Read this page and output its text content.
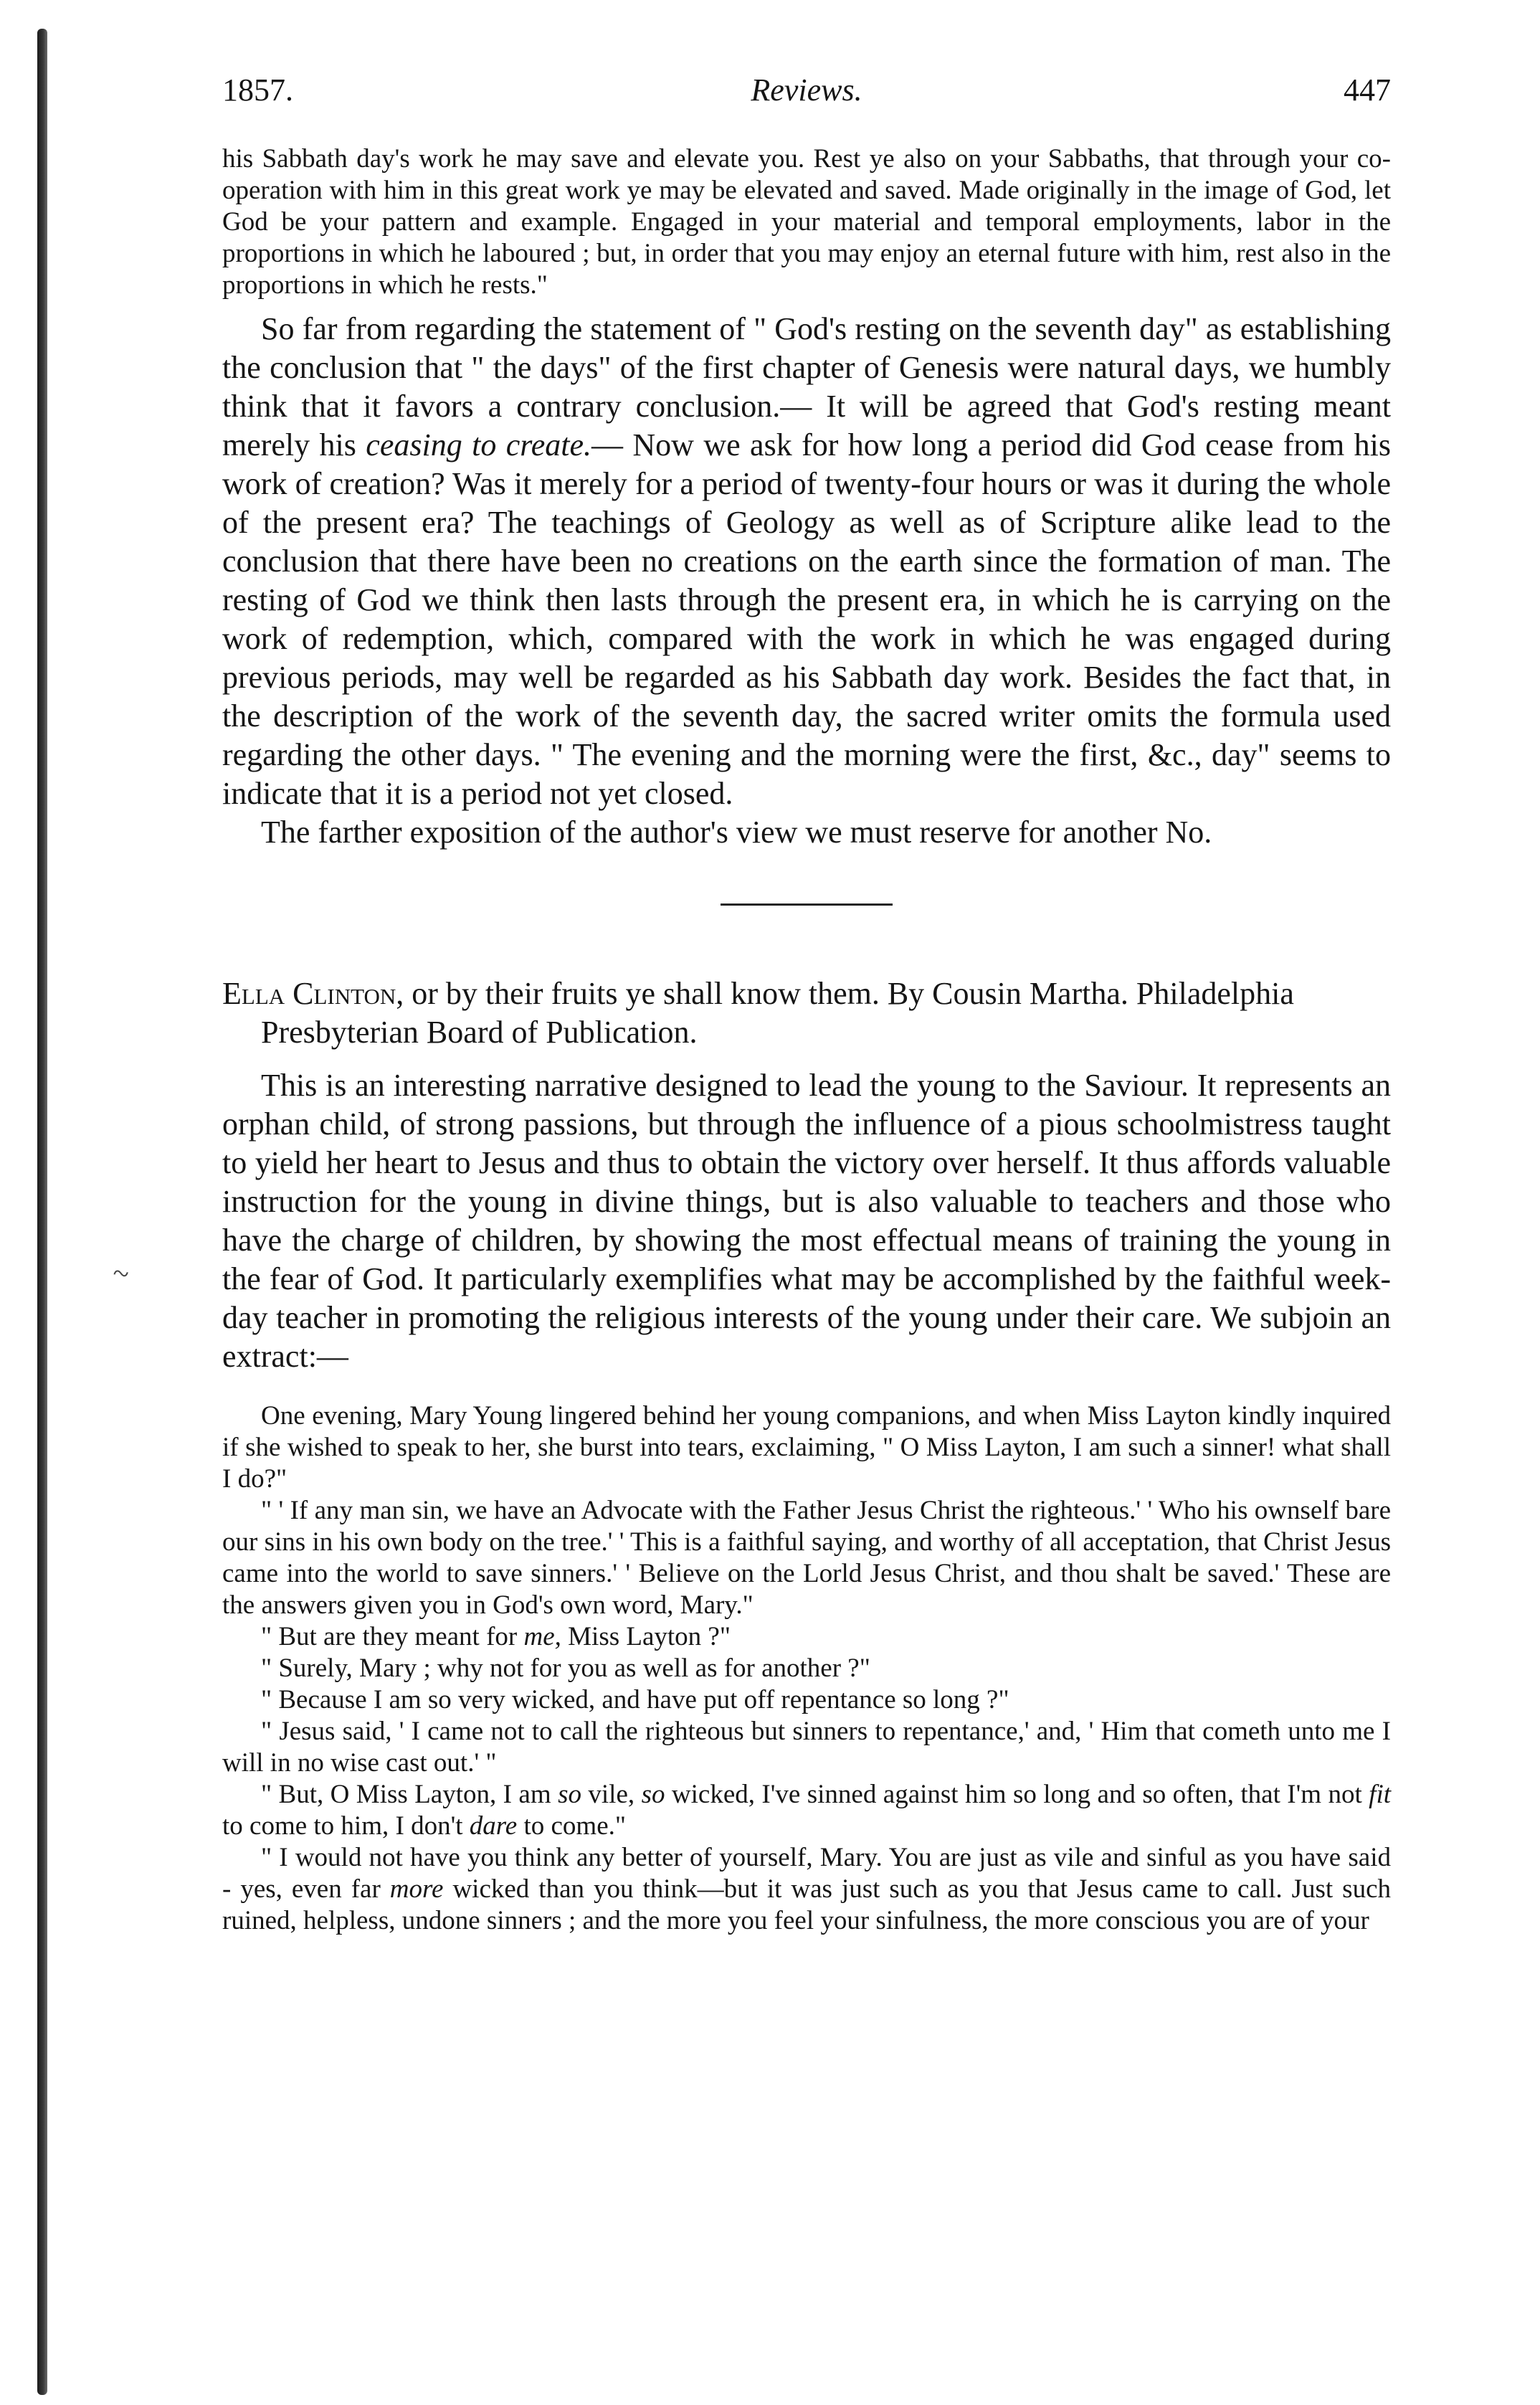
~
1857.	Reviews.	447

his Sabbath day's work he may save and elevate you. Rest ye also on your Sabbaths, that through your co-operation with him in this great work ye may be elevated and saved. Made originally in the image of God, let God be your pattern and example. Engaged in your material and temporal employments, labor in the proportions in which he laboured ; but, in order that you may enjoy an eternal future with him, rest also in the proportions in which he rests."

So far from regarding the statement of " God's resting on the seventh day" as establishing the conclusion that " the days" of the first chapter of Genesis were natural days, we humbly think that it favors a contrary conclusion.— It will be agreed that God's resting meant merely his ceasing to create.— Now we ask for how long a period did God cease from his work of creation? Was it merely for a period of twenty-four hours or was it during the whole of the present era? The teachings of Geology as well as of Scripture alike lead to the conclusion that there have been no creations on the earth since the formation of man. The resting of God we think then lasts through the present era, in which he is carrying on the work of redemption, which, compared with the work in which he was engaged during previous periods, may well be regarded as his Sabbath day work. Besides the fact that, in the description of the work of the seventh day, the sacred writer omits the formula used regarding the other days. " The evening and the morning were the first, &c., day" seems to indicate that it is a period not yet closed.

The farther exposition of the author's view we must reserve for another No.

Ella Clinton, or by their fruits ye shall know them. By Cousin Martha. Philadelphia Presbyterian Board of Publication.

This is an interesting narrative designed to lead the young to the Saviour. It represents an orphan child, of strong passions, but through the influence of a pious schoolmistress taught to yield her heart to Jesus and thus to obtain the victory over herself. It thus affords valuable instruction for the young in divine things, but is also valuable to teachers and those who have the charge of children, by showing the most effectual means of training the young in the fear of God. It particularly exemplifies what may be accomplished by the faithful week-day teacher in promoting the religious interests of the young under their care. We subjoin an extract:—

One evening, Mary Young lingered behind her young companions, and when Miss Layton kindly inquired if she wished to speak to her, she burst into tears, exclaiming, " O Miss Layton, I am such a sinner! what shall I do?"

" ' If any man sin, we have an Advocate with the Father Jesus Christ the righteous.' ' Who his ownself bare our sins in his own body on the tree.' ' This is a faithful saying, and worthy of all acceptation, that Christ Jesus came into the world to save sinners.' ' Believe on the Lorld Jesus Christ, and thou shalt be saved.' These are the answers given you in God's own word, Mary."

" But are they meant for me, Miss Layton ?"

" Surely, Mary ; why not for you as well as for another ?"

" Because I am so very wicked, and have put off repentance so long ?"

" Jesus said, ' I came not to call the righteous but sinners to repentance,' and, ' Him that cometh unto me I will in no wise cast out.' "

" But, O Miss Layton, I am so vile, so wicked, I've sinned against him so long and so often, that I'm not fit to come to him, I don't dare to come."

" I would not have you think any better of yourself, Mary. You are just as vile and sinful as you have said - yes, even far more wicked than you think—but it was just such as you that Jesus came to call. Just such ruined, helpless, undone sinners ; and the more you feel your sinfulness, the more conscious you are of your
